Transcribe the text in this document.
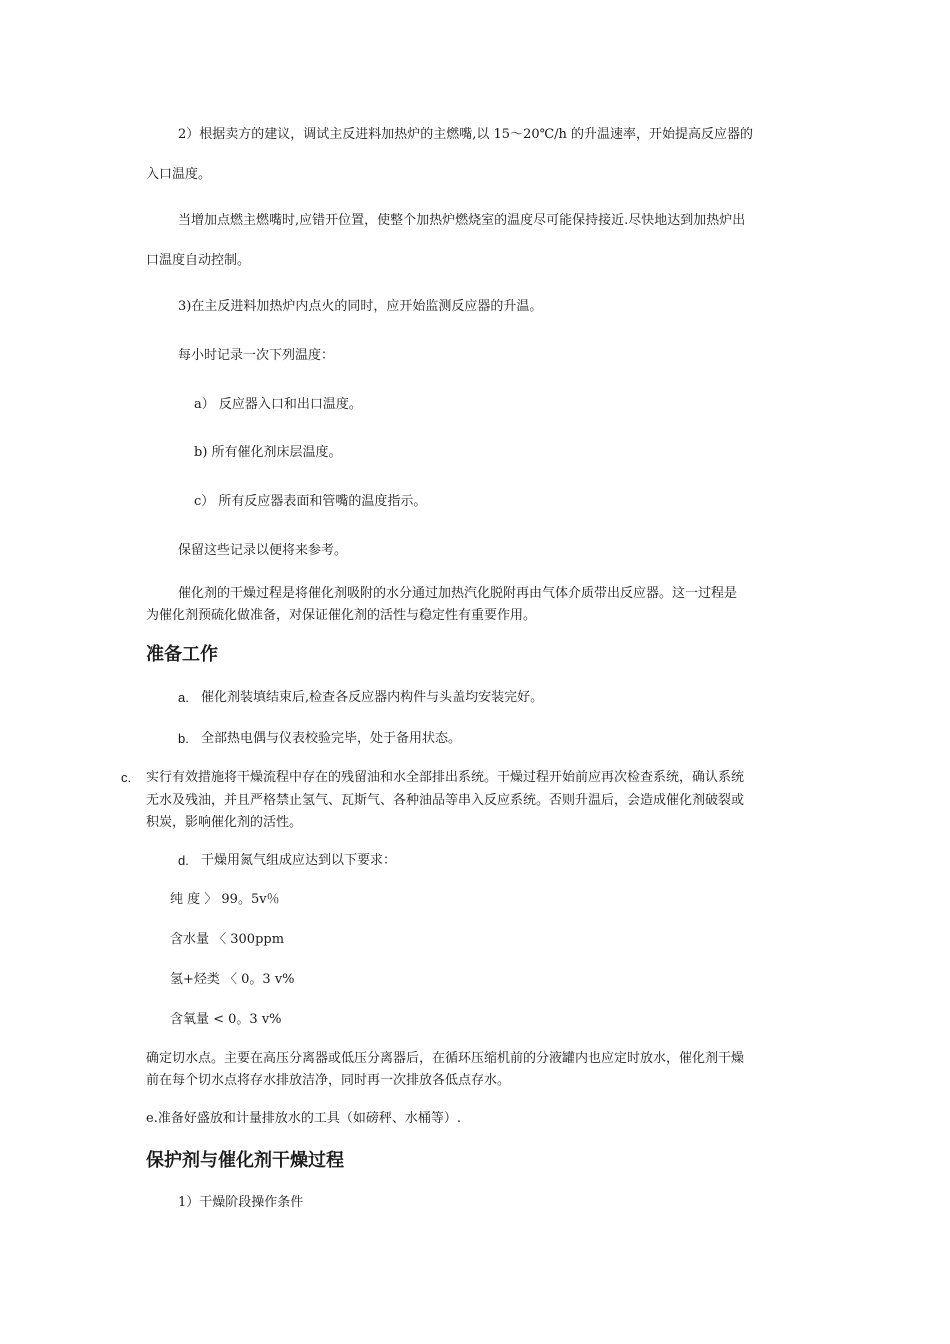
2）根据卖方的建议，调试主反进料加热炉的主燃嘴,以 15～20℃/h 的升温速率，开始提高反应器的
入口温度。
当增加点燃主燃嘴时,应错开位置，使整个加热炉燃烧室的温度尽可能保持接近.尽快地达到加热炉出
口温度自动控制。
3)在主反进料加热炉内点火的同时，应开始监测反应器的升温。
每小时记录一次下列温度：
a） 反应器入口和出口温度。
b) 所有催化剂床层温度。
c） 所有反应器表面和管嘴的温度指示。
保留这些记录以便将来参考。
催化剂的干燥过程是将催化剂吸附的水分通过加热汽化脱附再由气体介质带出反应器。这一过程是
为催化剂预硫化做准备，对保证催化剂的活性与稳定性有重要作用。
准备工作
a. 催化剂装填结束后,检查各反应器内构件与头盖均安装完好。
b. 全部热电偶与仪表校验完毕，处于备用状态。
c. 实行有效措施将干燥流程中存在的残留油和水全部排出系统。干燥过程开始前应再次检查系统，确认系统
无水及残油，并且严格禁止氢气、瓦斯气、各种油品等串入反应系统。否则升温后，会造成催化剂破裂或
积炭，影响催化剂的活性。
d. 干燥用氮气组成应达到以下要求：
纯 度 〉 99。5v％
含水量 〈 300ppm
氢+烃类 〈 0。3 v%
含氧量 < 0。3 v%
确定切水点。主要在高压分离器或低压分离器后，在循环压缩机前的分液罐内也应定时放水，催化剂干燥
前在每个切水点将存水排放洁净，同时再一次排放各低点存水。
e.准备好盛放和计量排放水的工具（如磅秤、水桶等）.
保护剂与催化剂干燥过程
1）干燥阶段操作条件
